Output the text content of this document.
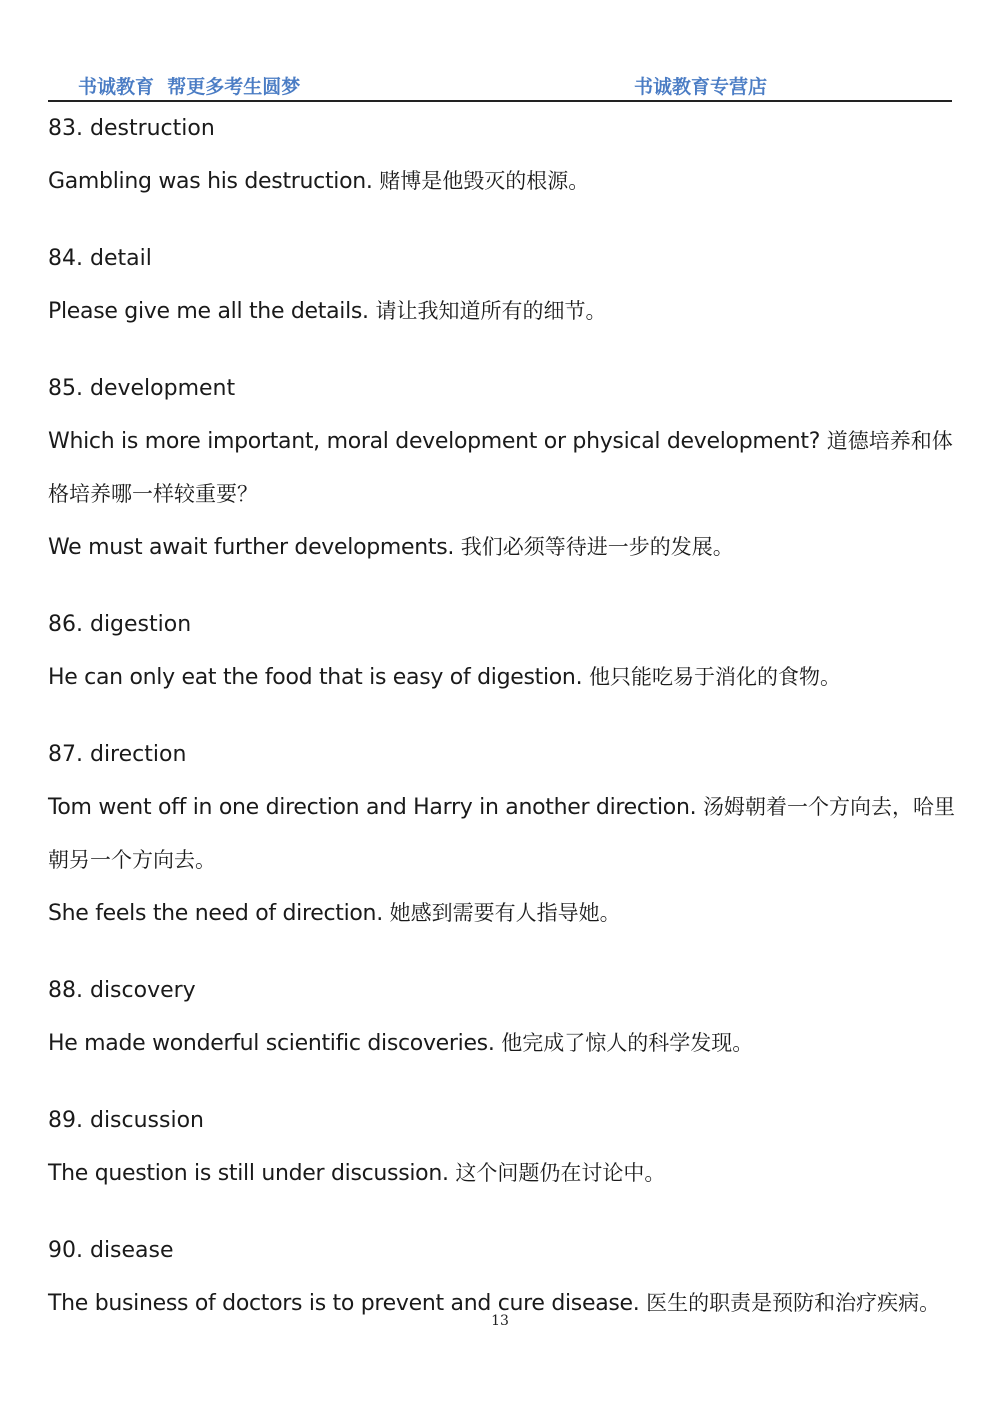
书诚教育  帮更多考生圆梦	书诚教育专营店
83. destruction

Gambling was his destruction. 赌博是他毁灭的根源。

84. detail

Please give me all the details. 请让我知道所有的细节。

85. development

Which is more important, moral development or physical development? 道德培养和体格培养哪一样较重要？

We must await further developments. 我们必须等待进一步的发展。

86. digestion

He can only eat the food that is easy of digestion. 他只能吃易于消化的食物。

87. direction

Tom went off in one direction and Harry in another direction. 汤姆朝着一个方向去，哈里朝另一个方向去。

She feels the need of direction. 她感到需要有人指导她。

88. discovery

He made wonderful scientific discoveries. 他完成了惊人的科学发现。

89. discussion

The question is still under discussion. 这个问题仍在讨论中。

90. disease

The business of doctors is to prevent and cure disease. 医生的职责是预防和治疗疾病。

13
